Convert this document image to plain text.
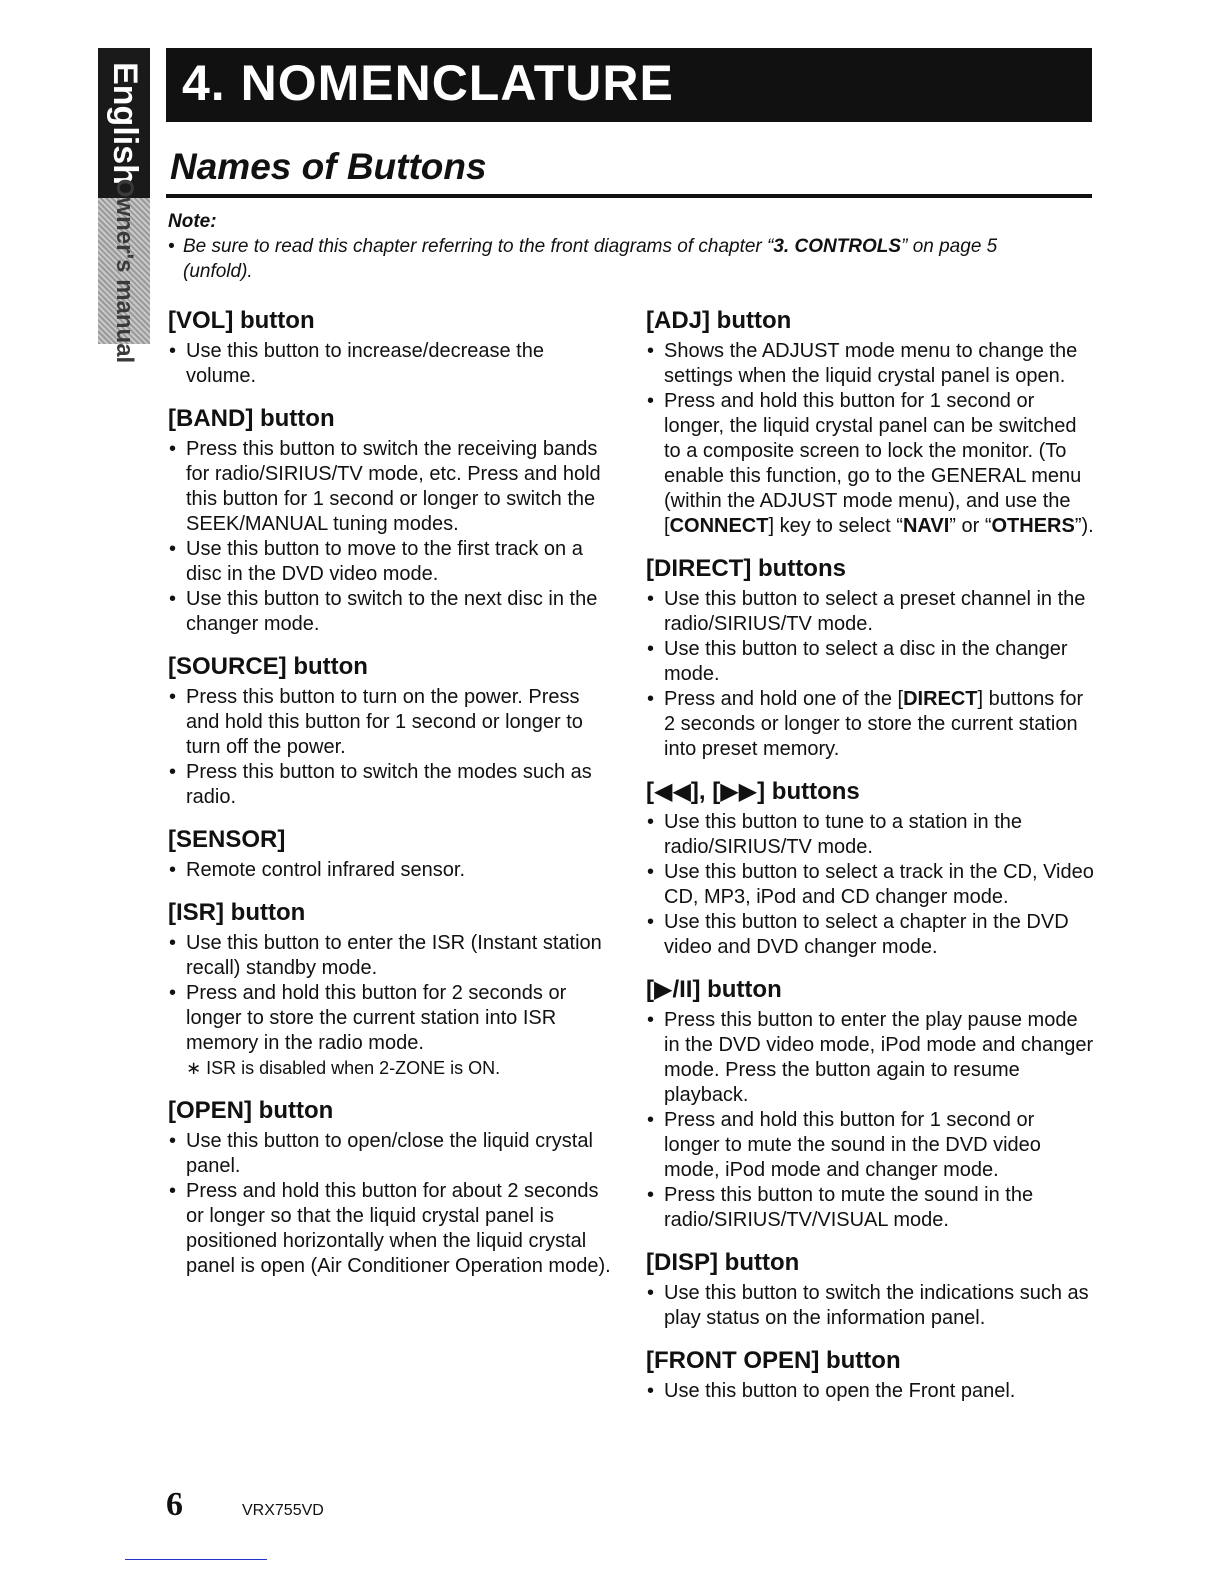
English
Owner's manual
4. NOMENCLATURE
Names of Buttons
Note:
• Be sure to read this chapter referring to the front diagrams of chapter “3. CONTROLS” on page 5
(unfold).
[VOL] button
• Use this button to increase/decrease the volume.
[BAND] button
• Press this button to switch the receiving bands for radio/SIRIUS/TV mode, etc. Press and hold this button for 1 second or longer to switch the SEEK/MANUAL tuning modes.
• Use this button to move to the first track on a disc in the DVD video mode.
• Use this button to switch to the next disc in the changer mode.
[SOURCE] button
• Press this button to turn on the power. Press and hold this button for 1 second or longer to turn off the power.
• Press this button to switch the modes such as radio.
[SENSOR]
• Remote control infrared sensor.
[ISR] button
• Use this button to enter the ISR (Instant station recall) standby mode.
• Press and hold this button for 2 seconds or longer to store the current station into ISR memory in the radio mode.
∗ ISR is disabled when 2-ZONE is ON.
[OPEN] button
• Use this button to open/close the liquid crystal panel.
• Press and hold this button for about 2 seconds or longer so that the liquid crystal panel is positioned horizontally when the liquid crystal panel is open (Air Conditioner Operation mode).
[ADJ] button
• Shows the ADJUST mode menu to change the settings when the liquid crystal panel is open.
• Press and hold this button for 1 second or longer, the liquid crystal panel can be switched to a composite screen to lock the monitor. (To enable this function, go to the GENERAL menu (within the ADJUST mode menu), and use the [CONNECT] key to select “NAVI” or “OTHERS”).
[DIRECT] buttons
• Use this button to select a preset channel in the radio/SIRIUS/TV mode.
• Use this button to select a disc in the changer mode.
• Press and hold one of the [DIRECT] buttons for 2 seconds or longer to store the current station into preset memory.
[◀◀], [▶▶] buttons
• Use this button to tune to a station in the radio/SIRIUS/TV mode.
• Use this button to select a track in the CD, Video CD, MP3, iPod and CD changer mode.
• Use this button to select a chapter in the DVD video and DVD changer mode.
[▶/II] button
• Press this button to enter the play pause mode in the DVD video mode, iPod mode and changer mode. Press the button again to resume playback.
• Press and hold this button for 1 second or longer to mute the sound in the DVD video mode, iPod mode and changer mode.
• Press this button to mute the sound in the radio/SIRIUS/TV/VISUAL mode.
[DISP] button
• Use this button to switch the indications such as play status on the information panel.
[FRONT OPEN] button
• Use this button to open the Front panel.
6	VRX755VD
